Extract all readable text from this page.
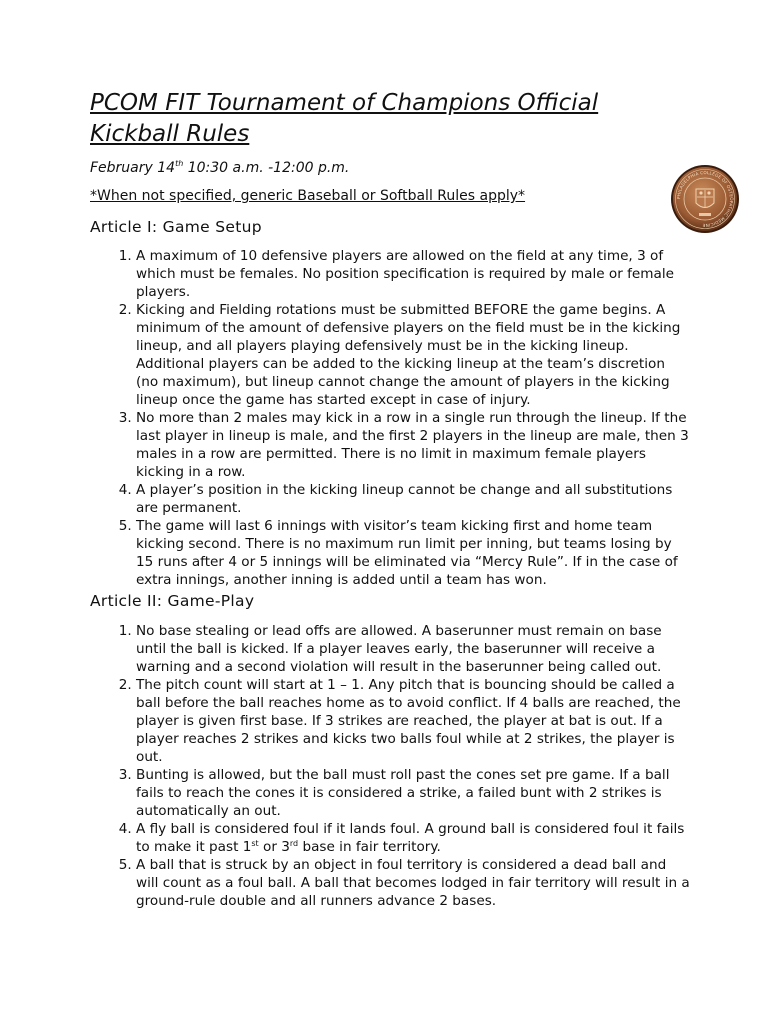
PCOM FIT Tournament of Champions Official Kickball Rules
February 14th 10:30 a.m. -12:00 p.m.
*When not specified, generic Baseball or Softball Rules apply*	PHILADELPHIA COLLEGE OF OSTEOPATHIC MEDICINE
Article I: Game Setup
1. A maximum of 10 defensive players are allowed on the field at any time, 3 of which must be females. No position specification is required by male or female players.
2. Kicking and Fielding rotations must be submitted BEFORE the game begins. A minimum of the amount of defensive players on the field must be in the kicking lineup, and all players playing defensively must be in the kicking lineup. Additional players can be added to the kicking lineup at the team’s discretion (no maximum), but lineup cannot change the amount of players in the kicking lineup once the game has started except in case of injury.
3. No more than 2 males may kick in a row in a single run through the lineup. If the last player in lineup is male, and the first 2 players in the lineup are male, then 3 males in a row are permitted. There is no limit in maximum female players kicking in a row.
4. A player’s position in the kicking lineup cannot be change and all substitutions are permanent.
5. The game will last 6 innings with visitor’s team kicking first and home team kicking second. There is no maximum run limit per inning, but teams losing by 15 runs after 4 or 5 innings will be eliminated via “Mercy Rule”. If in the case of extra innings, another inning is added until a team has won.
Article II: Game-Play
1. No base stealing or lead offs are allowed. A baserunner must remain on base until the ball is kicked. If a player leaves early, the baserunner will receive a warning and a second violation will result in the baserunner being called out.
2. The pitch count will start at 1 – 1. Any pitch that is bouncing should be called a ball before the ball reaches home as to avoid conflict. If 4 balls are reached, the player is given first base. If 3 strikes are reached, the player at bat is out. If a player reaches 2 strikes and kicks two balls foul while at 2 strikes, the player is out.
3. Bunting is allowed, but the ball must roll past the cones set pre game. If a ball fails to reach the cones it is considered a strike, a failed bunt with 2 strikes is automatically an out.
4. A fly ball is considered foul if it lands foul. A ground ball is considered foul it fails to make it past 1st or 3rd base in fair territory.
5. A ball that is struck by an object in foul territory is considered a dead ball and will count as a foul ball. A ball that becomes lodged in fair territory will result in a ground-rule double and all runners advance 2 bases.
